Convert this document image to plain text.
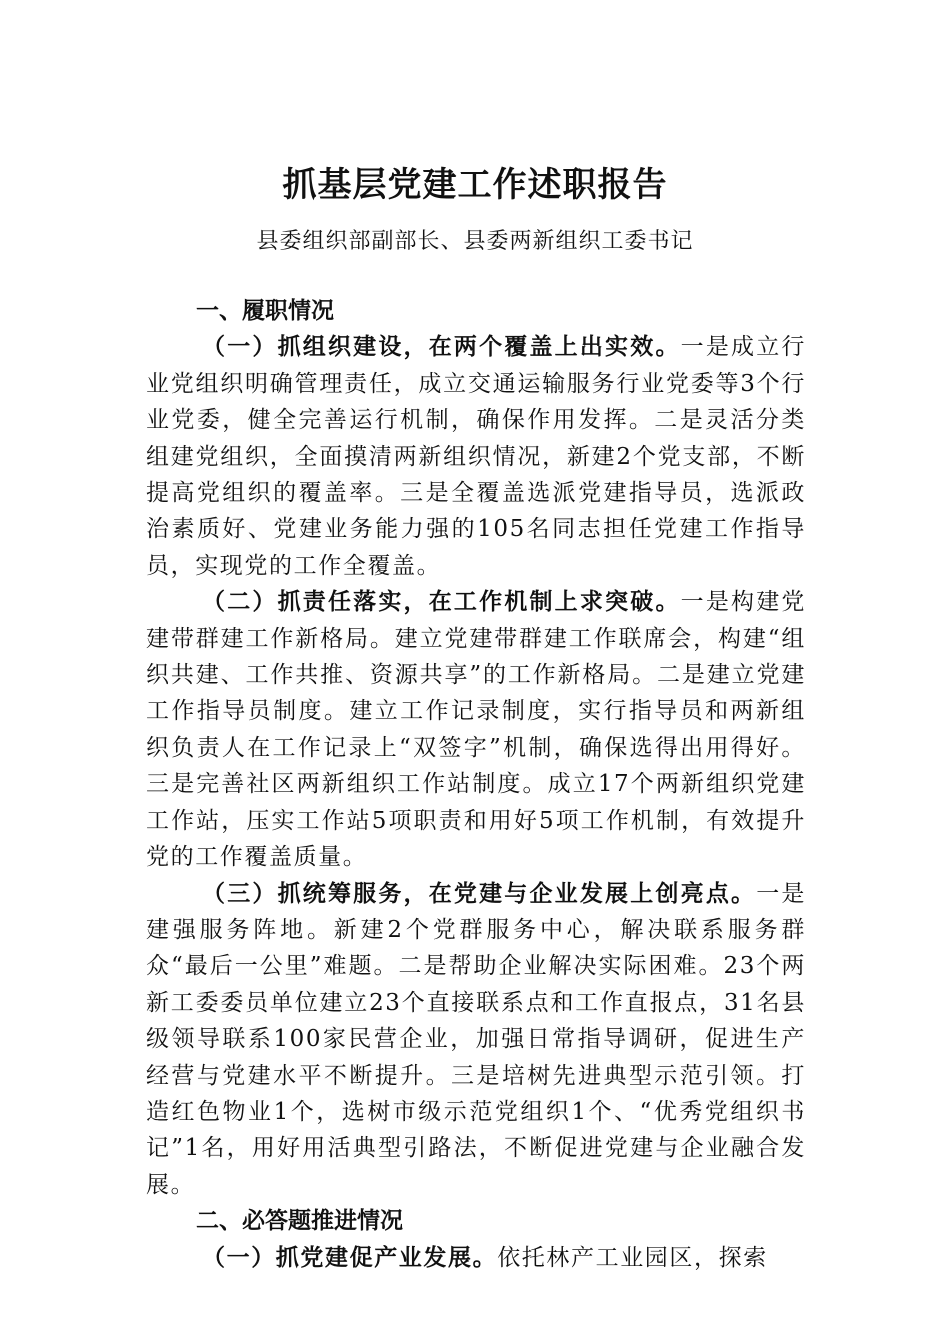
抓基层党建工作述职报告
县委组织部副部长、县委两新组织工委书记

一、履职情况

（一）抓组织建设，在两个覆盖上出实效。一是成立行业党组织明确管理责任，成立交通运输服务行业党委等3个行业党委，健全完善运行机制，确保作用发挥。二是灵活分类组建党组织，全面摸清两新组织情况，新建2个党支部，不断提高党组织的覆盖率。三是全覆盖选派党建指导员，选派政治素质好、党建业务能力强的105名同志担任党建工作指导员，实现党的工作全覆盖。

（二）抓责任落实，在工作机制上求突破。一是构建党建带群建工作新格局。建立党建带群建工作联席会，构建“组织共建、工作共推、资源共享”的工作新格局。二是建立党建工作指导员制度。建立工作记录制度，实行指导员和两新组织负责人在工作记录上“双签字”机制，确保选得出用得好。三是完善社区两新组织工作站制度。成立17个两新组织党建工作站，压实工作站5项职责和用好5项工作机制，有效提升党的工作覆盖质量。

（三）抓统筹服务，在党建与企业发展上创亮点。一是建强服务阵地。新建2个党群服务中心，解决联系服务群众“最后一公里”难题。二是帮助企业解决实际困难。23个两新工委委员单位建立23个直接联系点和工作直报点，31名县级领导联系100家民营企业，加强日常指导调研，促进生产经营与党建水平不断提升。三是培树先进典型示范引领。打造红色物业1个，选树市级示范党组织1个、“优秀党组织书记”1名，用好用活典型引路法，不断促进党建与企业融合发展。

二、必答题推进情况

（一）抓党建促产业发展。依托林产工业园区，探索
